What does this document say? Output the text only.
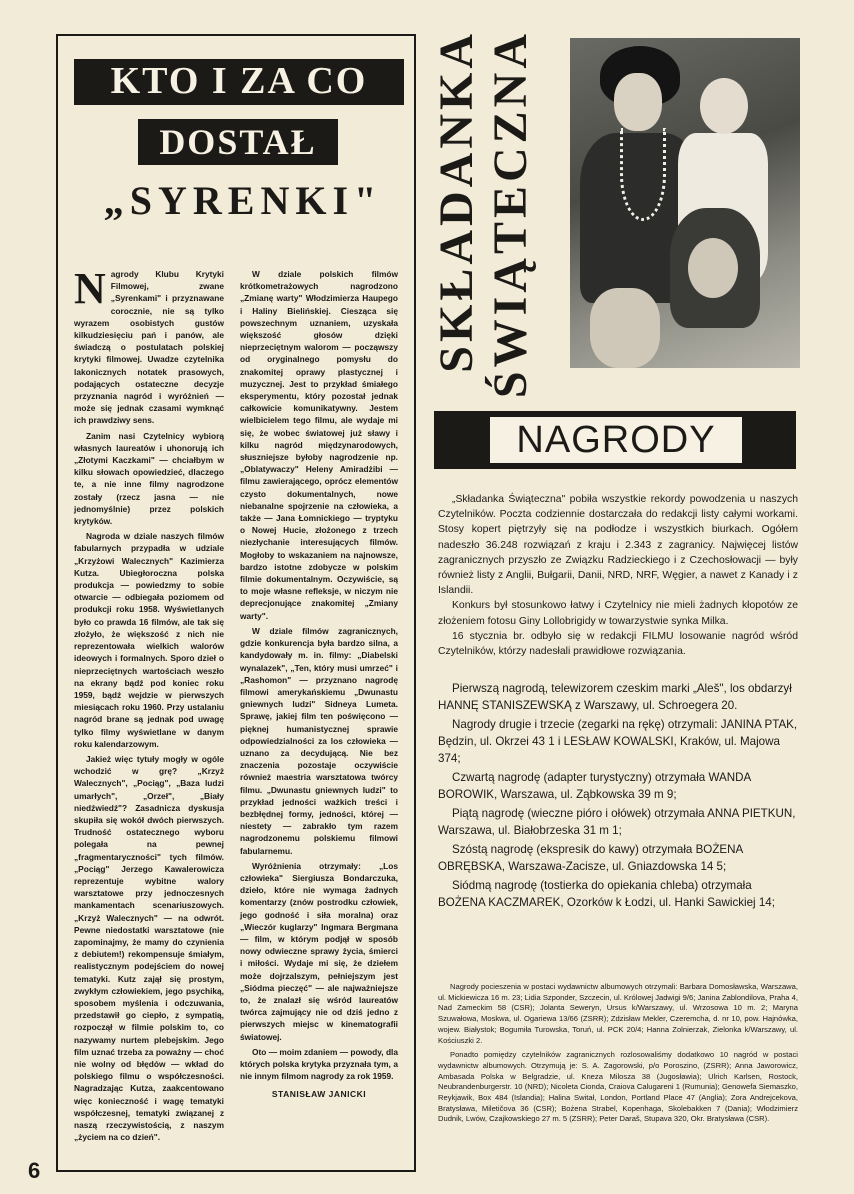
KTO I ZA CO
DOSTAŁ
„SYRENKI"

Nagrody Klubu Krytyki Filmowej, zwane „Syrenkami" i przyznawane corocznie, nie są tylko wyrazem osobistych gustów kilkudziesięciu pań i panów, ale świadczą o postulatach polskiej krytyki filmowej. Uwadze czytelnika lakonicznych notatek prasowych, podających ostateczne decyzje przyznania nagród i wyróżnień — może się jednak czasami wymknąć ich prawdziwy sens.

Zanim nasi Czytelnicy wybiorą własnych laureatów i uhonorują ich „Złotymi Kaczkami" — chciałbym w kilku słowach opowiedzieć, dlaczego te, a nie inne filmy nagrodzone zostały (rzecz jasna — nie jednomyślnie) przez polskich krytyków.

Nagroda w dziale naszych filmów fabularnych przypadła w udziale „Krzyżowi Walecznych" Kazimierza Kutza. Ubiegłoroczna polska produkcja — powiedzmy to sobie otwarcie — odbiegała poziomem od produkcji roku 1958. Wyświetlanych było co prawda 16 filmów, ale tak się złożyło, że większość z nich nie reprezentowała wielkich walorów ideowych i formalnych. Sporo dzieł o nieprzeciętnych wartościach weszło na ekrany bądź pod koniec roku 1959, bądź wejdzie w pierwszych miesiącach roku 1960. Przy ustalaniu nagród brane są jednak pod uwagę tylko filmy wyświetlane w danym roku kalendarzowym.

Jakież więc tytuły mogły w ogóle wchodzić w grę? „Krzyż Walecznych", „Pociąg", „Baza ludzi umarłych", „Orzeł", „Biały niedźwiedź"? Zasadnicza dyskusja skupiła się wokół dwóch pierwszych. Trudność ostatecznego wyboru polegała na pewnej „fragmentaryczności" tych filmów. „Pociąg" Jerzego Kawalerowicza reprezentuje wybitne walory warsztatowe przy jednoczesnych mankamentach scenariuszowych. „Krzyż Walecznych" — na odwrót. Pewne niedostatki warsztatowe (nie zapominajmy, że mamy do czynienia z debiutem!) rekompensuje śmiałym, realistycznym podejściem do nowej tematyki. Kutz zajął się prostym, zwykłym człowiekiem, jego psychiką, sposobem myślenia i odczuwania, przedstawił go ciepło, z sympatią, rozpoczął w filmie polskim to, co nazywamy nurtem plebejskim. Jego film uznać trzeba za poważny — choć nie wolny od błędów — wkład do polskiego filmu o współczesności. Nagradzając Kutza, zaakcentowano więc konieczność i wagę tematyki współczesnej, tematyki związanej z naszą rzeczywistością, z naszym „życiem na co dzień".

W dziale polskich filmów krótkometrażowych nagrodzono „Zmianę warty" Włodzimierza Haupego i Haliny Bielińskiej. Ciesząca się powszechnym uznaniem, uzyskała większość głosów dzięki nieprzeciętnym walorom — począwszy od oryginalnego pomysłu do znakomitej oprawy plastycznej i muzycznej. Jest to przykład śmiałego eksperymentu, który pozostał jednak całkowicie komunikatywny. Jestem wielbicielem tego filmu, ale wydaje mi się, że wobec światowej już sławy i kilku nagród międzynarodowych, słuszniejsze byłoby nagrodzenie np. „Oblatywaczy" Heleny Amiradżibi — filmu zawierającego, oprócz elementów czysto dokumentalnych, nowe niebanalne spojrzenie na człowieka, a także — Jana Łomnickiego — tryptyku o Nowej Hucie, złożonego z trzech niezłychanie interesujących filmów. Mogłoby to wskazaniem na najnowsze, bardzo istotne zdobycze w polskim filmie dokumentalnym. Oczywiście, są to moje własne refleksje, w niczym nie deprecjonujące znakomitej „Zmiany warty".

W dziale filmów zagranicznych, gdzie konkurencja była bardzo silna, a kandydowały m. in. filmy: „Diabelski wynalazek", „Ten, który musi umrzeć" i „Rashomon" — przyznano nagrodę filmowi amerykańskiemu „Dwunastu gniewnych ludzi" Sidneya Lumeta. Sprawę, jakiej film ten poświęcono — pięknej humanistycznej sprawie odpowiedzialności za los człowieka — uznano za decydującą. Nie bez znaczenia pozostaje oczywiście również maestria warsztatowa twórcy filmu. „Dwunastu gniewnych ludzi" to przykład jedności ważkich treści i bezbłędnej formy, jedności, której — niestety — zabrakło tym razem nagrodzonemu polskiemu filmowi fabularnemu.

Wyróżnienia otrzymały: „Los człowieka" Siergiusza Bondarczuka, dzieło, które nie wymaga żadnych komentarzy (znów postrodku człowiek, jego godność i siła moralna) oraz „Wieczór kuglarzy" Ingmara Bergmana — film, w którym podjął w sposób nowy odwieczne sprawy życia, śmierci i miłości. Wydaje mi się, że dziełem może dojrzalszym, pełniejszym jest „Siódma pieczęć" — ale najważniejsze to, że znalazł się wśród laureatów twórca zajmujący nie od dziś jedno z pierwszych miejsc w kinematografii światowej.

Oto — moim zdaniem — powody, dla których polska krytyka przyznała tym, a nie innym filmom nagrody za rok 1959.

STANISŁAW JANICKI
6
SKŁADANKA ŚWIĄTECZNA
NAGRODY

„Składanka Świąteczna" pobiła wszystkie rekordy powodzenia u naszych Czytelników. Poczta codziennie dostarczała do redakcji listy całymi workami. Stosy kopert piętrzyły się na podłodze i wszystkich biurkach. Ogółem nadeszło 36.248 rozwiązań z kraju i 2.343 z zagranicy. Najwięcej listów zagranicznych przyszło ze Związku Radzieckiego i z Czechosłowacji — były również listy z Anglii, Bułgarii, Danii, NRD, NRF, Węgier, a nawet z Kanady i z Islandii.

Konkurs był stosunkowo łatwy i Czytelnicy nie mieli żadnych kłopotów ze złożeniem fotosu Giny Lollobrigidy w towarzystwie synka Milka.

16 stycznia br. odbyło się w redakcji FILMU losowanie nagród wśród Czytelników, którzy nadesłali prawidłowe rozwiązania.

Pierwszą nagrodą, telewizorem czeskim marki „Aleš", los obdarzył HANNĘ STANISZEWSKĄ z Warszawy, ul. Schroegera 20.

Nagrody drugie i trzecie (zegarki na rękę) otrzymali: JANINA PTAK, Będzin, ul. Okrzei 43 1 i LESŁAW KOWALSKI, Kraków, ul. Majowa 374;

Czwartą nagrodę (adapter turystyczny) otrzymała WANDA BOROWIK, Warszawa, ul. Ząbkowska 39 m 9;

Piątą nagrodę (wieczne pióro i ołówek) otrzymała ANNA PIETKUN, Warszawa, ul. Białobrzeska 31 m 1;

Szóstą nagrodę (ekspresik do kawy) otrzymała BOŻENA OBRĘBSKA, Warszawa-Zacisze, ul. Gniazdowska 14 5;

Siódmą nagrodę (tostierka do opiekania chleba) otrzymała BOŻENA KACZMAREK, Ozorków k Łodzi, ul. Hanki Sawickiej 14;

Nagrody pocieszenia w postaci wydawnictw albumowych otrzymali: Barbara Domosławska, Warszawa, ul. Mickiewicza 16 m. 23; Lidia Szponder, Szczecin, ul. Królowej Jadwigi 9/6; Janina Zablondilova, Praha 4, Nad Zameckim 58 (CSR); Jolanta Seweryn, Ursus k/Warszawy, ul. Wrzosowa 10 m. 2; Maryna Szuwałowa, Moskwa, ul. Ogariewa 13/66 (ZSRR); Zdzisław Mekler, Czeremcha, d. nr 10, pow. Hajnówka, wojew. Białystok; Bogumiła Turowska, Toruń, ul. PCK 20/4; Hanna Zolnierzak, Zielonka k/Warszawy, ul. Kościuszki 2.

Ponadto pomiędzy czytelników zagranicznych rozlosowaliśmy dodatkowo 10 nagród w postaci wydawnictw albumowych. Otrzymują je: S. A. Zagorowski, p/o Poroszino, (ZSRR); Anna Jaworowicz, Ambasada Polska w Belgradzie, ul. Kneza Milosza 38 (Jugosławia); Ulrich Karlsen, Rostock, Neubrandenburgerstr. 10 (NRD); Nicoleta Cionda, Craiova Calugareni 1 (Rumunia); Genowefa Siemaszko, Reykjawik, Box 484 (Islandia); Halina Switał, London, Portland Place 47 (Anglia); Zora Andrejcekova, Bratysława, Miletičova 36 (CSR); Bożena Strabel, Kopenhaga, Skolebakken 7 (Dania); Włodzimierz Dudnik, Lwów, Czajkowskiego 27 m. 5 (ZSRR); Peter Daraš, Stupava 320, Okr. Bratysława (CSR).
